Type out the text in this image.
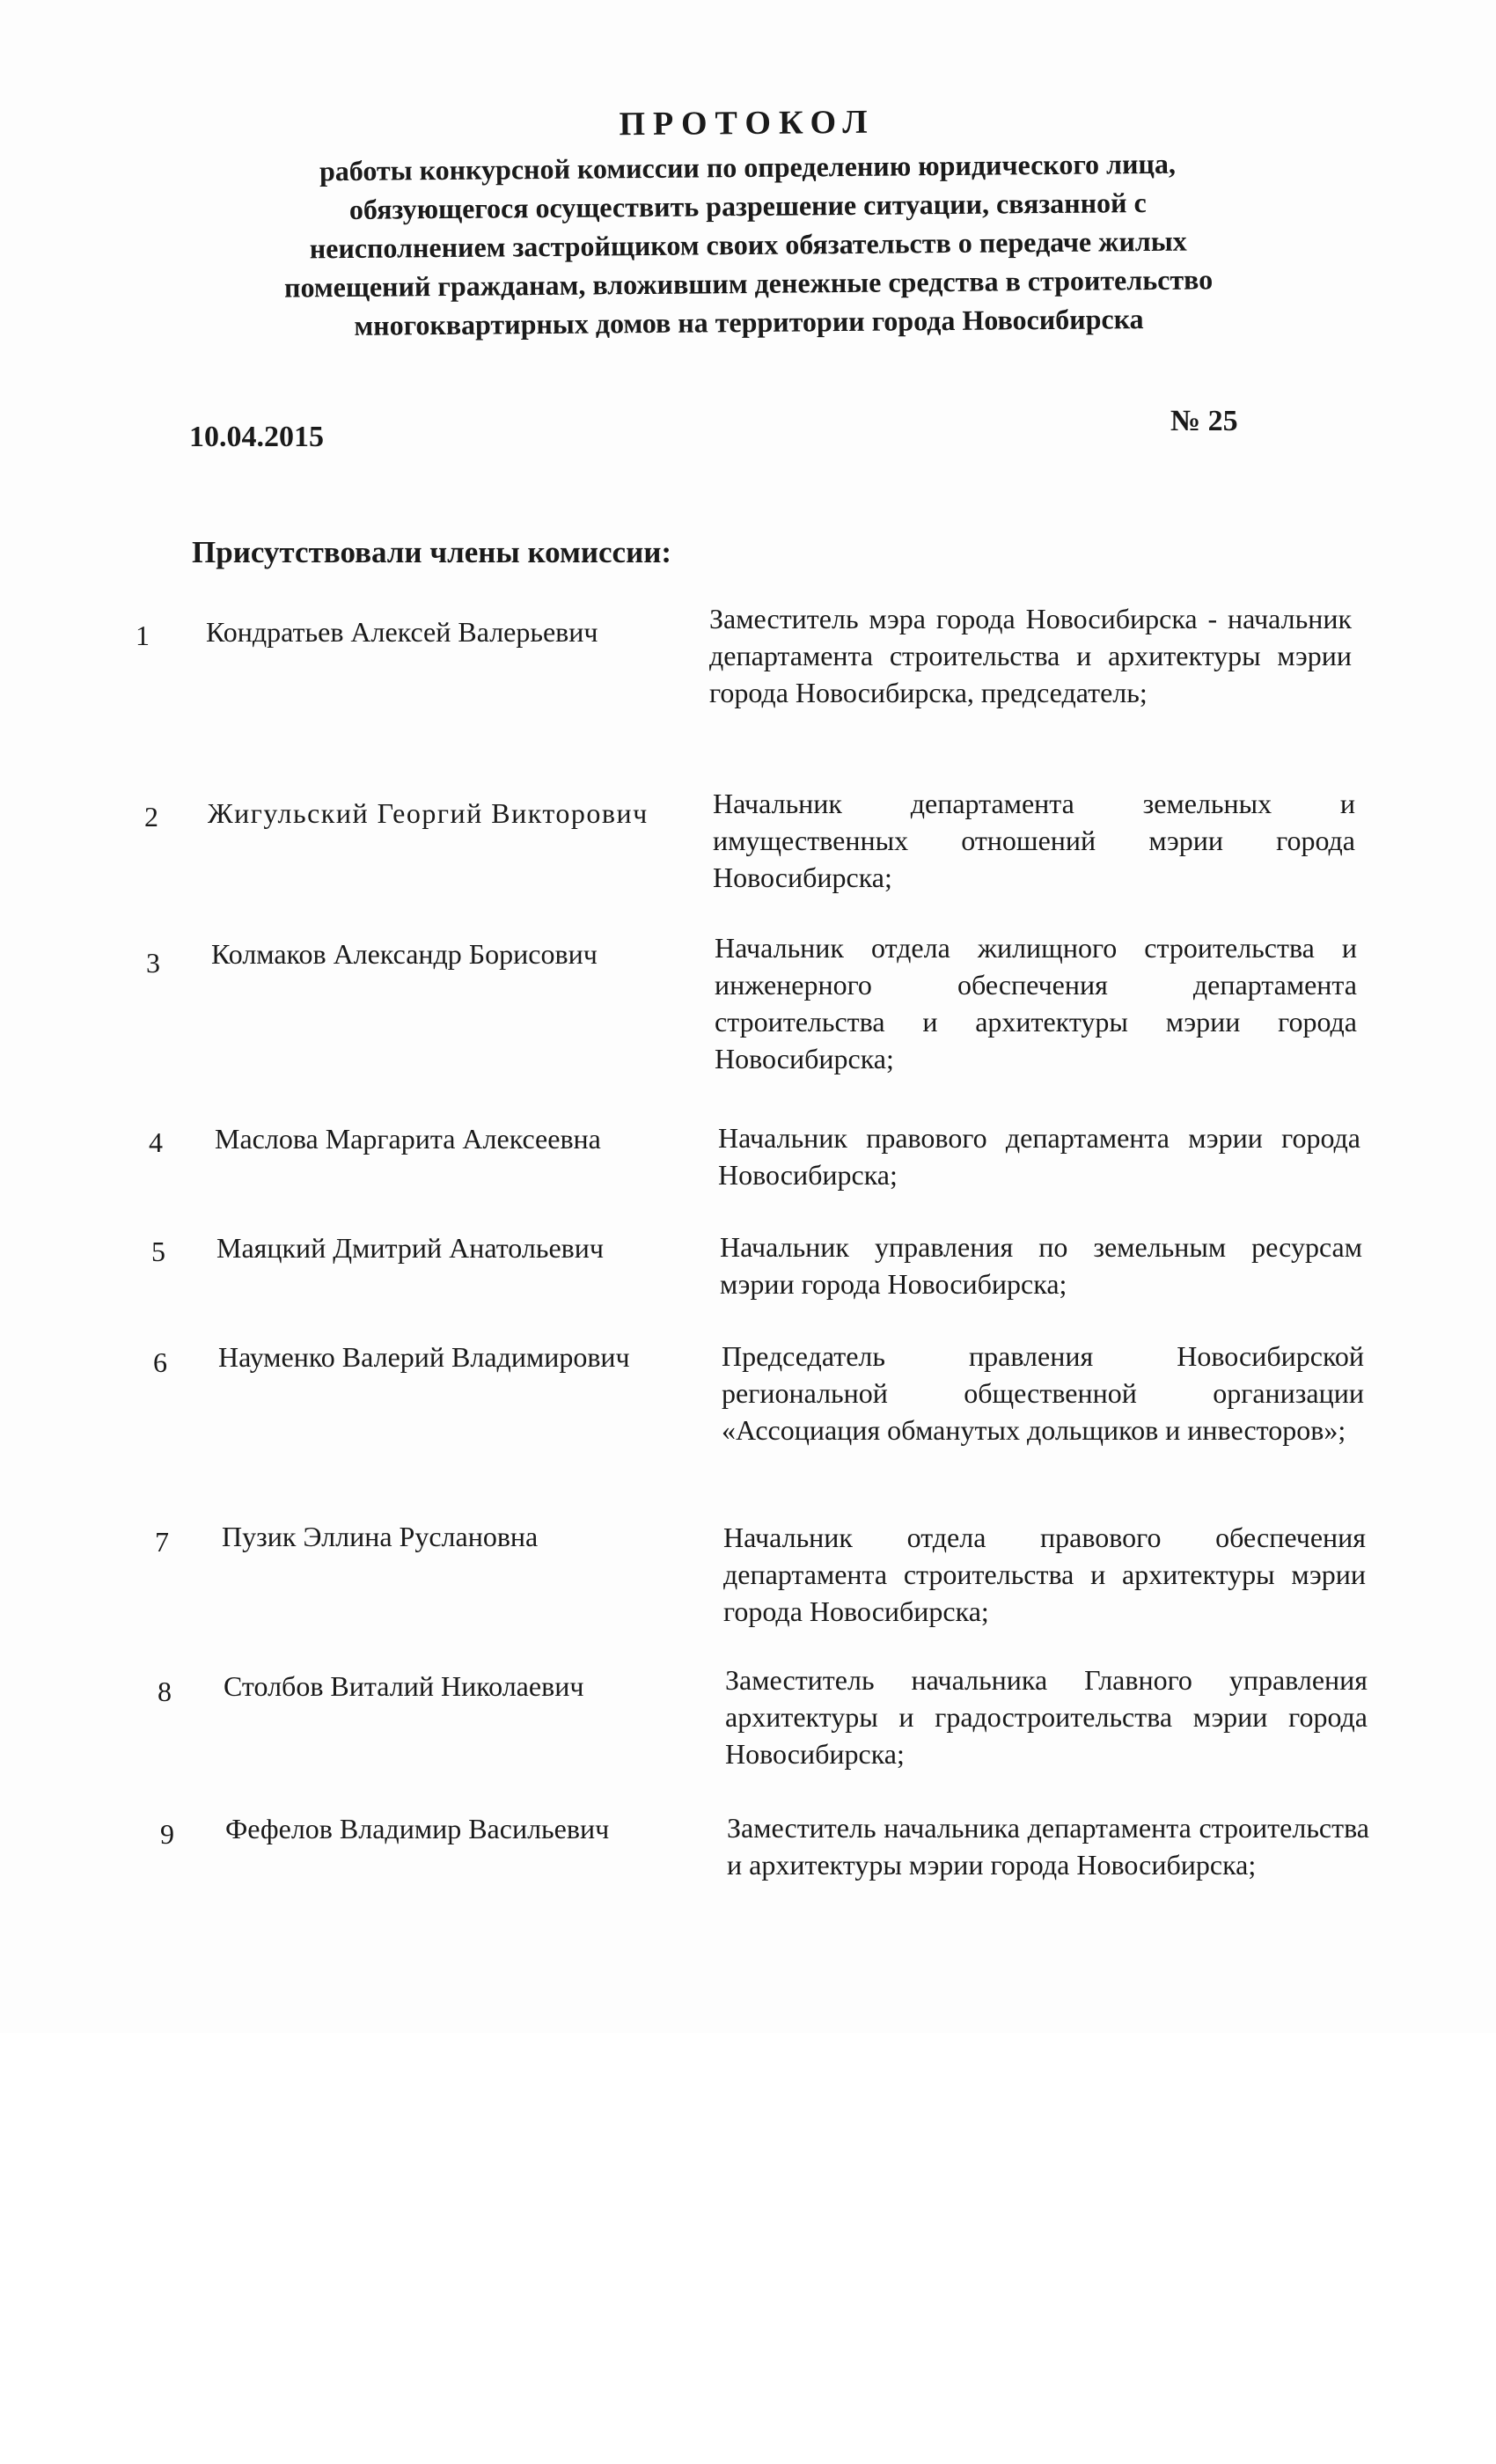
ПРОТОКОЛ
работы конкурсной комиссии по определению юридического лица, обязующегося осуществить разрешение ситуации, связанной с неисполнением застройщиком своих обязательств о передаче жилых помещений гражданам, вложившим денежные средства в строительство многоквартирных домов на территории города Новосибирска
10.04.2015	№ 25
Присутствовали члены комиссии:
1 Кондратьев Алексей Валерьевич	Заместитель мэра города Новосибирска - начальник департамента строительства и архитектуры мэрии города Новосибирска, председатель;
2 Жигульский Георгий Викторович Начальник департамента земельных и имущественных отношений мэрии города Новосибирска;
3 Колмаков Александр Борисович	Начальник отдела жилищного строительства и инженерного обеспечения департамента строительства и архитектуры мэрии города Новосибирска;
4 Маслова Маргарита Алексеевна	Начальник правового департамента мэрии города Новосибирска;
5 Маяцкий Дмитрий Анатольевич	Начальник управления по земельным ресурсам мэрии города Новосибирска;
6 Науменко Валерий Владимирович	Председатель правления Новосибирской региональной общественной организации «Ассоциация обманутых дольщиков и инвесторов»;
7 Пузик Эллина Руслановна	Начальник отдела правового обеспечения департамента строительства и архитектуры мэрии города Новосибирска;
8 Столбов Виталий Николаевич	Заместитель начальника Главного управления архитектуры и градостроительства мэрии города Новосибирска;
9 Фефелов Владимир Васильевич	Заместитель начальника департамента строительства и архитектуры мэрии города Новосибирска;
